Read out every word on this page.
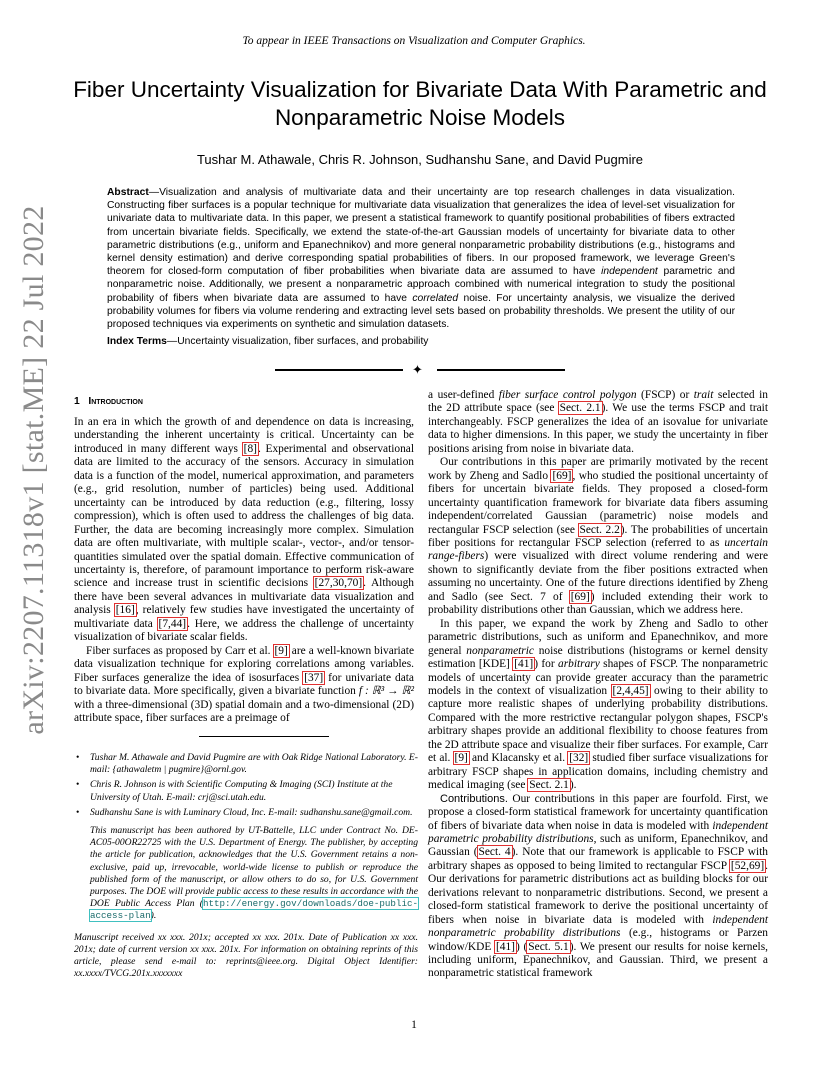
arXiv:2207.11318v1 [stat.ME] 22 Jul 2022
To appear in IEEE Transactions on Visualization and Computer Graphics.
Fiber Uncertainty Visualization for Bivariate Data With Parametric and Nonparametric Noise Models
Tushar M. Athawale, Chris R. Johnson, Sudhanshu Sane, and David Pugmire

Abstract—Visualization and analysis of multivariate data and their uncertainty are top research challenges in data visualization. Constructing fiber surfaces is a popular technique for multivariate data visualization that generalizes the idea of level-set visualization for univariate data to multivariate data. In this paper, we present a statistical framework to quantify positional probabilities of fibers extracted from uncertain bivariate fields. Specifically, we extend the state-of-the-art Gaussian models of uncertainty for bivariate data to other parametric distributions (e.g., uniform and Epanechnikov) and more general nonparametric probability distributions (e.g., histograms and kernel density estimation) and derive corresponding spatial probabilities of fibers. In our proposed framework, we leverage Green's theorem for closed-form computation of fiber probabilities when bivariate data are assumed to have independent parametric and nonparametric noise. Additionally, we present a nonparametric approach combined with numerical integration to study the positional probability of fibers when bivariate data are assumed to have correlated noise. For uncertainty analysis, we visualize the derived probability volumes for fibers via volume rendering and extracting level sets based on probability thresholds. We present the utility of our proposed techniques via experiments on synthetic and simulation datasets.

Index Terms—Uncertainty visualization, fiber surfaces, and probability

✦
1 Introduction

In an era in which the growth of and dependence on data is increasing, understanding the inherent uncertainty is critical. Uncertainty can be introduced in many different ways [8]. Experimental and observational data are limited to the accuracy of the sensors. Accuracy in simulation data is a function of the model, numerical approximation, and parameters (e.g., grid resolution, number of particles) being used. Additional uncertainty can be introduced by data reduction (e.g., filtering, lossy compression), which is often used to address the challenges of big data. Further, the data are becoming increasingly more complex. Simulation data are often multivariate, with multiple scalar-, vector-, and/or tensor-quantities simulated over the spatial domain. Effective communication of uncertainty is, therefore, of paramount importance to perform risk-aware science and increase trust in scientific decisions [27,30,70]. Although there have been several advances in multivariate data visualization and analysis [16], relatively few studies have investigated the uncertainty of multivariate data [7,44]. Here, we address the challenge of uncertainty visualization of bivariate scalar fields.

Fiber surfaces as proposed by Carr et al. [9] are a well-known bivariate data visualization technique for exploring correlations among variables. Fiber surfaces generalize the idea of isosurfaces [37] for univariate data to bivariate data. More specifically, given a bivariate function f : ℝ³ → ℝ² with a three-dimensional (3D) spatial domain and a two-dimensional (2D) attribute space, fiber surfaces are a preimage of

a user-defined fiber surface control polygon (FSCP) or trait selected in the 2D attribute space (see Sect. 2.1). We use the terms FSCP and trait interchangeably. FSCP generalizes the idea of an isovalue for univariate data to higher dimensions. In this paper, we study the uncertainty in fiber positions arising from noise in bivariate data.

Our contributions in this paper are primarily motivated by the recent work by Zheng and Sadlo [69], who studied the positional uncertainty of fibers for uncertain bivariate fields. They proposed a closed-form uncertainty quantification framework for bivariate data fibers assuming independent/correlated Gaussian (parametric) noise models and rectangular FSCP selection (see Sect. 2.2). The probabilities of uncertain fiber positions for rectangular FSCP selection (referred to as uncertain range-fibers) were visualized with direct volume rendering and were shown to significantly deviate from the fiber positions extracted when assuming no uncertainty. One of the future directions identified by Zheng and Sadlo (see Sect. 7 of [69]) included extending their work to probability distributions other than Gaussian, which we address here.

In this paper, we expand the work by Zheng and Sadlo to other parametric distributions, such as uniform and Epanechnikov, and more general nonparametric noise distributions (histograms or kernel density estimation [KDE] [41]) for arbitrary shapes of FSCP. The nonparametric models of uncertainty can provide greater accuracy than the parametric models in the context of visualization [2,4,45] owing to their ability to capture more realistic shapes of underlying probability distributions. Compared with the more restrictive rectangular polygon shapes, FSCP's arbitrary shapes provide an additional flexibility to choose features from the 2D attribute space and visualize their fiber surfaces. For example, Carr et al. [9] and Klacansky et al. [32] studied fiber surface visualizations for arbitrary FSCP shapes in application domains, including chemistry and medical imaging (see Sect. 2.1).

Contributions. Our contributions in this paper are fourfold. First, we propose a closed-form statistical framework for uncertainty quantification of fibers of bivariate data when noise in data is modeled with independent parametric probability distributions, such as uniform, Epanechnikov, and Gaussian (Sect. 4). Note that our framework is applicable to FSCP with arbitrary shapes as opposed to being limited to rectangular FSCP [52,69]. Our derivations for parametric distributions act as building blocks for our derivations relevant to nonparametric distributions. Second, we present a closed-form statistical framework to derive the positional uncertainty of fibers when noise in bivariate data is modeled with independent nonparametric probability distributions (e.g., histograms or Parzen window/KDE [41]) (Sect. 5.1). We present our results for noise kernels, including uniform, Epanechnikov, and Gaussian. Third, we present a nonparametric statistical framework

• Tushar M. Athawale and David Pugmire are with Oak Ridge National Laboratory. E-mail: {athawaletm | pugmire}@ornl.gov.
• Chris R. Johnson is with Scientific Computing & Imaging (SCI) Institute at the University of Utah. E-mail: crj@sci.utah.edu.
• Sudhanshu Sane is with Luminary Cloud, Inc. E-mail: sudhanshu.sane@gmail.com.

This manuscript has been authored by UT-Battelle, LLC under Contract No. DE-AC05-00OR22725 with the U.S. Department of Energy. The publisher, by accepting the article for publication, acknowledges that the U.S. Government retains a non-exclusive, paid up, irrevocable, world-wide license to publish or reproduce the published form of the manuscript, or allow others to do so, for U.S. Government purposes. The DOE will provide public access to these results in accordance with the DOE Public Access Plan (http://energy.gov/downloads/doe-public-access-plan).

Manuscript received xx xxx. 201x; accepted xx xxx. 201x. Date of Publication xx xxx. 201x; date of current version xx xxx. 201x. For information on obtaining reprints of this article, please send e-mail to: reprints@ieee.org. Digital Object Identifier: xx.xxxx/TVCG.201x.xxxxxxx

1
